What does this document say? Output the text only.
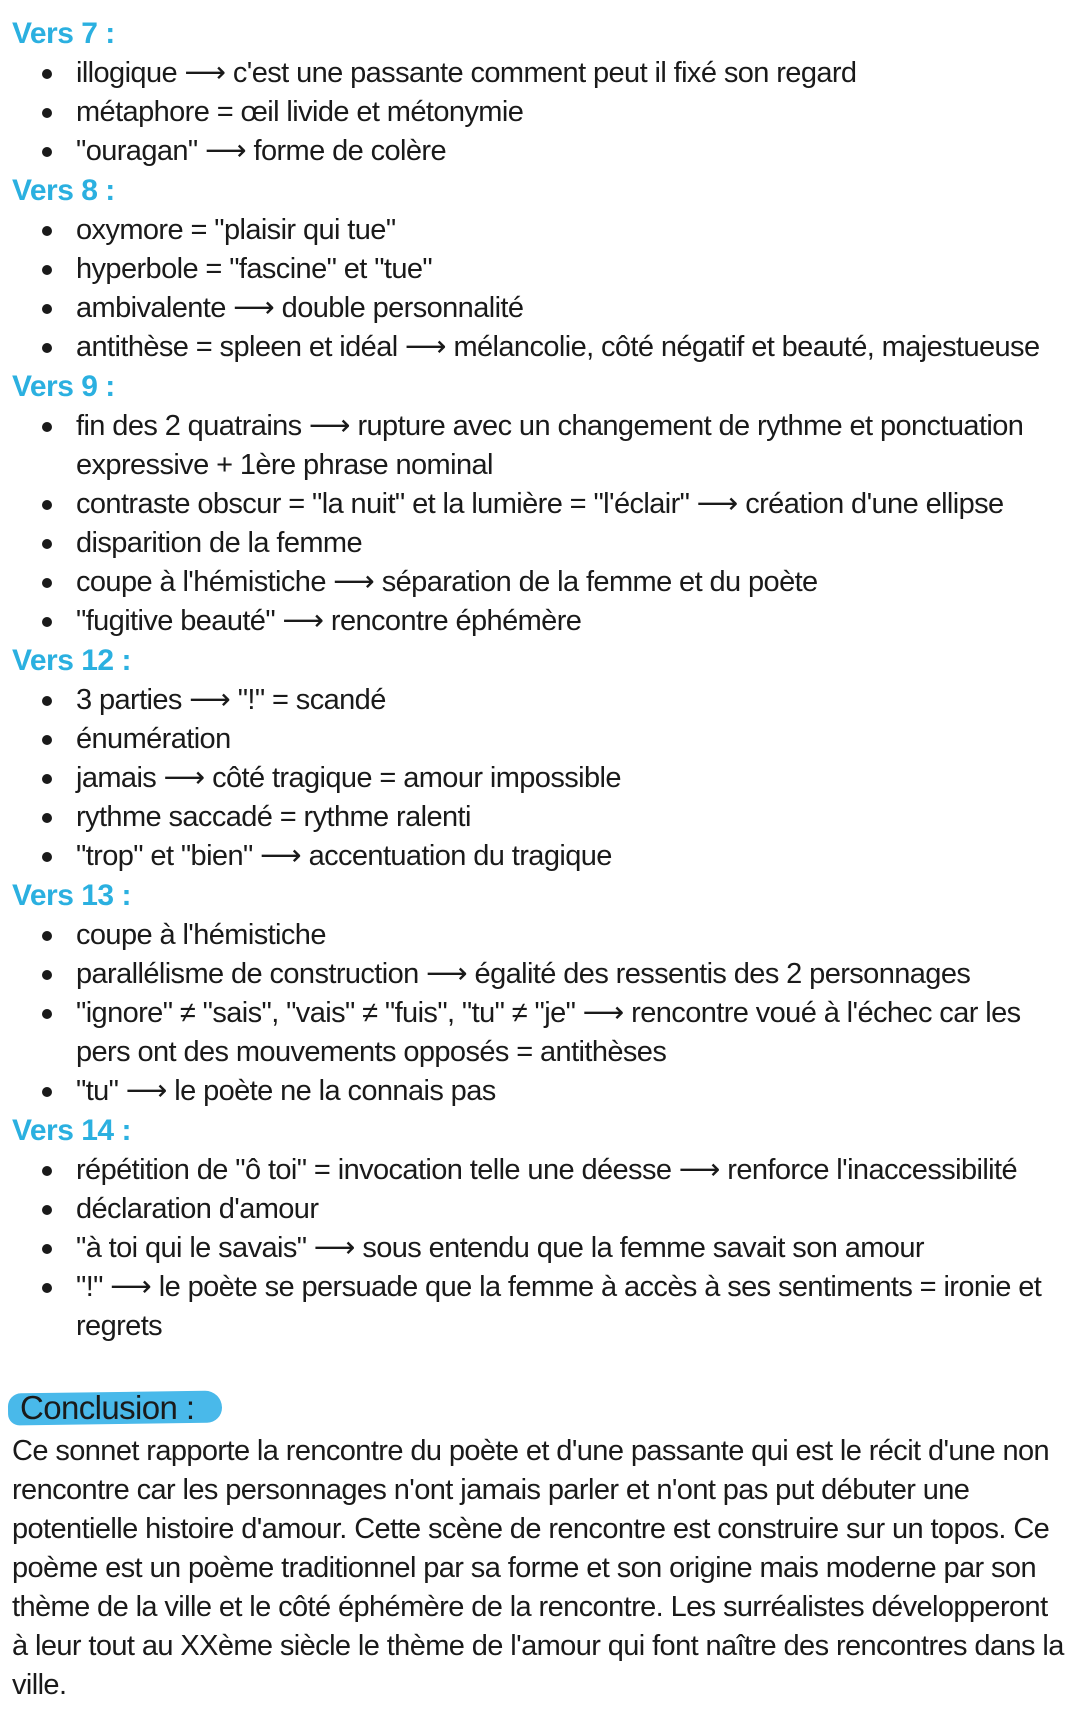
Vers 7 :
illogique ⟶ c'est une passante comment peut il fixé son regard
métaphore = œil livide et métonymie
"ouragan" ⟶ forme de colère
Vers 8 :
oxymore = "plaisir qui tue"
hyperbole = "fascine" et "tue"
ambivalente ⟶ double personnalité
antithèse = spleen et idéal ⟶ mélancolie, côté négatif et beauté, majestueuse
Vers 9 :
fin des 2 quatrains ⟶ rupture avec un changement de rythme et ponctuation expressive + 1ère phrase nominal
contraste obscur = "la nuit" et la lumière = "l'éclair" ⟶ création d'une ellipse
disparition de la femme
coupe à l'hémistiche ⟶ séparation de la femme et du poète
"fugitive beauté" ⟶ rencontre éphémère
Vers 12 :
3 parties ⟶ "!" = scandé
énumération
jamais ⟶ côté tragique = amour impossible
rythme saccadé = rythme ralenti
"trop" et "bien" ⟶ accentuation du tragique
Vers 13 :
coupe à l'hémistiche
parallélisme de construction ⟶ égalité des ressentis des 2 personnages
"ignore" ≠ "sais", "vais" ≠ "fuis", "tu" ≠ "je" ⟶ rencontre voué à l'échec car les pers ont des mouvements opposés = antithèses
"tu" ⟶ le poète ne la connais pas
Vers 14 :
répétition de "ô toi" = invocation telle une déesse ⟶ renforce l'inaccessibilité
déclaration d'amour
"à toi qui le savais" ⟶ sous entendu que la femme savait son amour
"!" ⟶ le poète se persuade que la femme à accès à ses sentiments = ironie et regrets
Conclusion :

Ce sonnet rapporte la rencontre du poète et d'une passante qui est le récit d'une non rencontre car les personnages n'ont jamais parler et n'ont pas put débuter une potentielle histoire d'amour. Cette scène de rencontre est construire sur un topos. Ce poème est un poème traditionnel par sa forme et son origine mais moderne par son thème de la ville et le côté éphémère de la rencontre. Les surréalistes développeront à leur tout au XXème siècle le thème de l'amour qui font naître des rencontres dans la ville.
